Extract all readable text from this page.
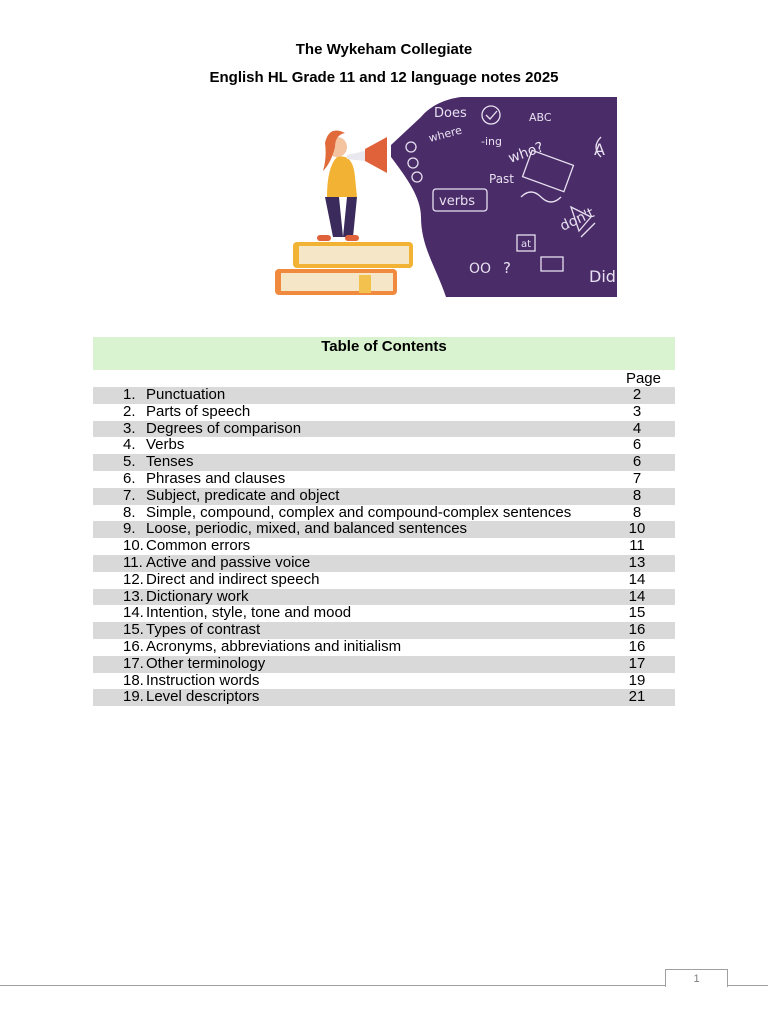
The Wykeham Collegiate
English HL Grade 11 and 12 language notes 2025
Does	ABC
where -ing who?
Past
verbs
at
don't
Did
A
OO ?
Table of Contents
Page
1. Punctuation	2
2. Parts of speech	3
3. Degrees of comparison	4
4. Verbs	6
5. Tenses	6
6. Phrases and clauses	7
7. Subject, predicate and object	8
8. Simple, compound, complex and compound-complex sentences	8
9. Loose, periodic, mixed, and balanced sentences	10
10. Common errors	11
11. Active and passive voice	13
12. Direct and indirect speech	14
13. Dictionary work	14
14. Intention, style, tone and mood	15
15. Types of contrast	16
16. Acronyms, abbreviations and initialism	16
17. Other terminology	17
18. Instruction words	19
19. Level descriptors	21
1
